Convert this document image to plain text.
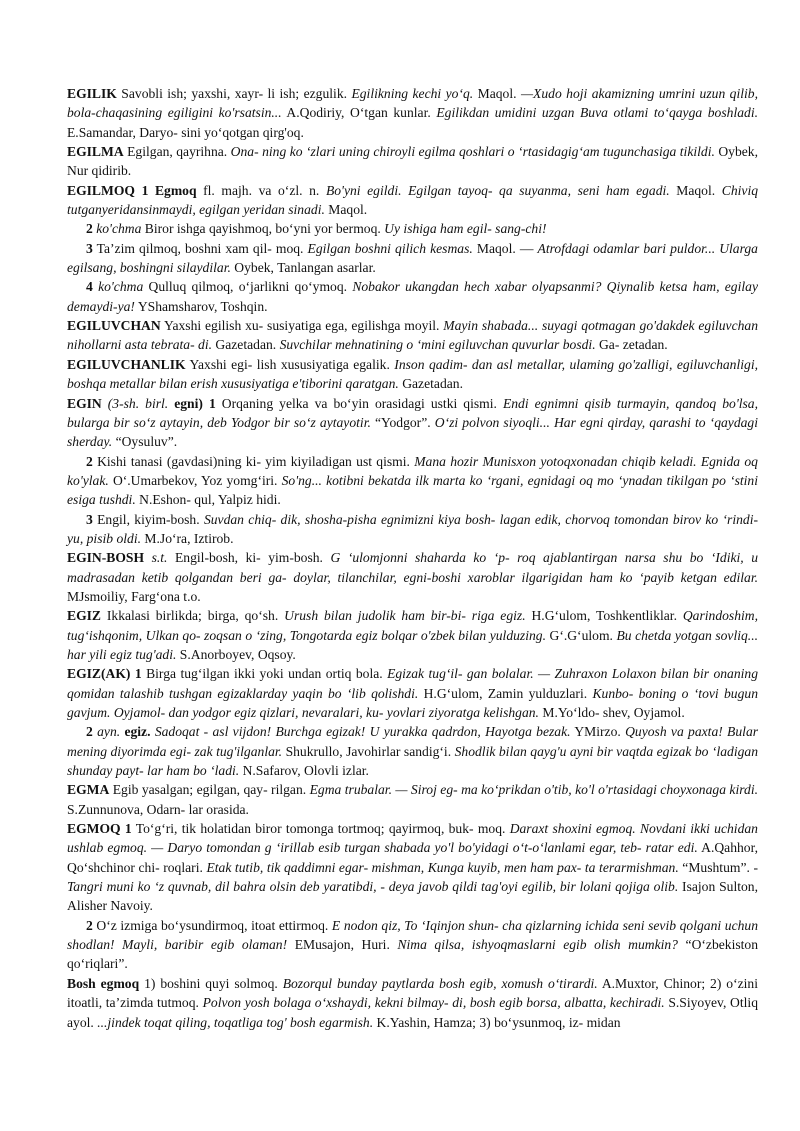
EGILIK Savobli ish; yaxshi, xayr- li ish; ezgulik. Egilikning kechi yo‘q. Maqol. —Xudo hoji akamizning umrini uzun qilib, bola-chaqasining egiligini ko'rsatsin... A.Qodiriy, O‘tgan kunlar. Egilikdan umidini uzgan Buva otlami to‘qayga boshladi. E.Samandar, Daryo- sini yo‘qotgan qirg'oq.

EGILMA Egilgan, qayrihna. Ona- ning ko ‘zlari uning chiroyli egilma qoshlari o ‘rtasidagig‘am tugunchasiga tikildi. Oybek, Nur qidirib.

EGILMOQ 1 Egmoq fl. majh. va o‘zl. n. Bo'yni egildi. Egilgan tayoq- qa suyanma, seni ham egadi. Maqol. Chiviq tutganyeridansinmaydi, egilgan yeridan sinadi. Maqol.

2 ko'chma Biror ishga qayishmoq, bo‘yni yor bermoq. Uy ishiga ham egil- sang-chi!

3 Ta’zim qilmoq, boshni xam qil- moq. Egilgan boshni qilich kesmas. Maqol. — Atrofdagi odamlar bari puldor... Ularga egilsang, boshingni silaydilar. Oybek, Tanlangan asarlar.

4 ko'chma Qulluq qilmoq, o‘jarlikni qo‘ymoq. Nobakor ukangdan hech xabar olyapsanmi? Qiynalib ketsa ham, egilay demaydi-ya! YShamsharov, Toshqin.

EGILUVCHAN Yaxshi egilish xu- susiyatiga ega, egilishga moyil. Mayin shabada... suyagi qotmagan go'dakdek egiluvchan nihollarni asta tebrata- di. Gazetadan. Suvchilar mehnatining o ‘mini egiluvchan quvurlar bosdi. Ga- zetadan.

EGILUVCHANLIK Yaxshi egi- lish xususiyatiga egalik. Inson qadim- dan asl metallar, ulaming go'zalligi, egiluvchanligi, boshqa metallar bilan erish xususiyatiga e'tiborini qaratgan. Gazetadan.

EGIN (3-sh. birl. egni) 1 Orqaning yelka va bo‘yin orasidagi ustki qismi. Endi egnimni qisib turmayin, qandoq bo'lsa, bularga bir so‘z aytayin, deb Yodgor bir so‘z aytayotir. “Yodgor”. O‘zi polvon siyoqli... Har egni qirday, qarashi to ‘qaydagi sherday. “Oysuluv”.

2 Kishi tanasi (gavdasi)ning ki- yim kiyiladigan ust qismi. Mana hozir Munisxon yotoqxonadan chiqib keladi. Egnida oq ko'ylak. O‘.Umarbekov, Yoz yomg‘iri. So'ng... kotibni bekatda ilk marta ko ‘rgani, egnidagi oq mo ‘ynadan tikilgan po ‘stini esiga tushdi. N.Eshon- qul, Yalpiz hidi.

3 Engil, kiyim-bosh. Suvdan chiq- dik, shosha-pisha egnimizni kiya bosh- lagan edik, chorvoq tomondan birov ko ‘rindi-yu, pisib oldi. M.Jo‘ra, Iztirob.

EGIN-BOSH s.t. Engil-bosh, ki- yim-bosh. G ‘ulomjonni shaharda ko ‘p- roq ajablantirgan narsa shu bo ‘Idiki, u madrasadan ketib qolgandan beri ga- doylar, tilanchilar, egni-boshi xaroblar ilgarigidan ham ko ‘payib ketgan edilar. MJsmoiliy, Farg‘ona t.o.

EGIZ Ikkalasi birlikda; birga, qo‘sh. Urush bilan judolik ham bir-bi- riga egiz. H.G‘ulom, Toshkentliklar. Qarindoshim, tug‘ishqonim, Ulkan qo- zoqsan o ‘zing, Tongotarda egiz bolqar o'zbek bilan yulduzing. G‘.G‘ulom. Bu chetda yotgan sovliq... har yili egiz tug'adi. S.Anorboyev, Oqsoy.

EGIZ(AK) 1 Birga tug‘ilgan ikki yoki undan ortiq bola. Egizak tug‘il- gan bolalar. — Zuhraxon Lolaxon bilan bir onaning qomidan talashib tushgan egizaklarday yaqin bo ‘lib qolishdi. H.G‘ulom, Zamin yulduzlari. Kunbo- boning o ‘tovi bugun gavjum. Oyjamol- dan yodgor egiz qizlari, nevaralari, ku- yovlari ziyoratga kelishgan. M.Yo‘ldo- shev, Oyjamol.

2 ayn. egiz. Sadoqat - asl vijdon! Burchga egizak! U yurakka qadrdon, Hayotga bezak. YMirzo. Quyosh va paxta! Bular mening diyorimda egi- zak tug'ilganlar. Shukrullo, Javohirlar sandig‘i. Shodlik bilan qayg'u ayni bir vaqtda egizak bo ‘ladigan shunday payt- lar ham bo ‘ladi. N.Safarov, Olovli izlar.

EGMA Egib yasalgan; egilgan, qay- rilgan. Egma trubalar. — Siroj eg- ma ko‘prikdan o'tib, ko'l o'rtasidagi choyxonaga kirdi. S.Zunnunova, Odarn- lar orasida.

EGMOQ 1 To‘g‘ri, tik holatidan biror tomonga tortmoq; qayirmoq, buk- moq. Daraxt shoxini egmoq. Novdani ikki uchidan ushlab egmoq. — Daryo tomondan g ‘irillab esib turgan shabada yo'l bo'yidagi o‘t-o‘lanlami egar, teb- ratar edi. A.Qahhor, Qo‘shchinor chi- roqlari. Etak tutib, tik qaddimni egar- mishman, Kunga kuyib, men ham pax- ta terarmishman. “Mushtum”. -Tangri muni ko ‘z quvnab, dil bahra olsin deb yaratibdi, - deya javob qildi tag'oyi egilib, bir lolani qojiga olib. Isajon Sulton, Alisher Navoiy.

2 O‘z izmiga bo‘ysundirmoq, itoat ettirmoq. E nodon qiz, To ‘Iqinjon shun- cha qizlarning ichida seni sevib qolgani uchun shodlan! Mayli, baribir egib olaman! EMusajon, Huri. Nima qilsa, ishyoqmaslarni egib olish mumkin? “O‘zbekiston qo‘riqlari”.

Bosh egmoq 1) boshini quyi solmoq. Bozorqul bunday paytlarda bosh egib, xomush o‘tirardi. A.Muxtor, Chinor; 2) o‘zini itoatli, ta’zimda tutmoq. Polvon yosh bolaga o‘xshaydi, kekni bilmay- di, bosh egib borsa, albatta, kechiradi. S.Siyoyev, Otliq ayol. ...jindek toqat qiling, toqatliga tog' bosh egarmish. K.Yashin, Hamza; 3) bo‘ysunmoq, iz- midan
